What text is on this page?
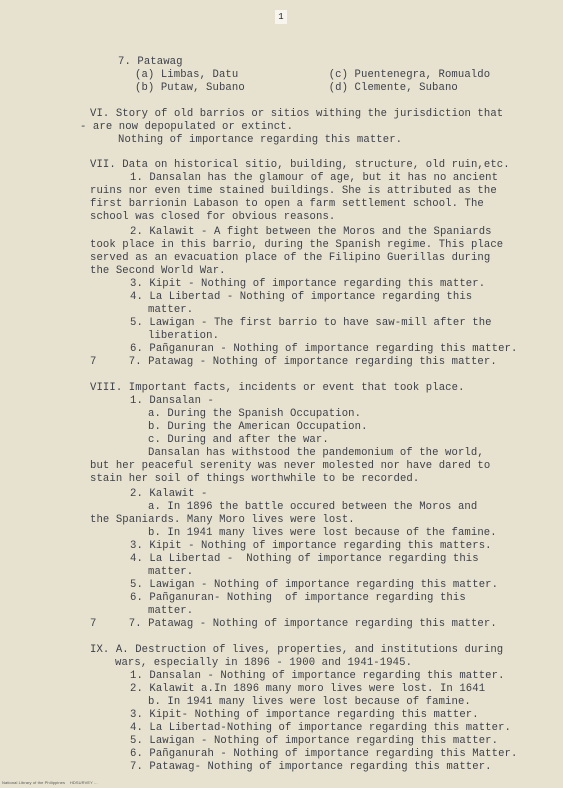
1
7. Patawag
(a) Limbas, Datu              (c) Puentenegra, Romualdo
(b) Putaw, Subano             (d) Clemente, Subano
VI. Story of old barrios or sitios withing the jurisdiction that
- are now depopulated or extinct.
Nothing of importance regarding this matter.
VII. Data on historical sitio, building, structure, old ruin,etc.
1. Dansalan has the glamour of age, but it has no ancient
ruins nor even time stained buildings. She is attributed as the
first barrionin Labason to open a farm settlement school. The
school was closed for obvious reasons.
2. Kalawit - A fight between the Moros and the Spaniards
took place in this barrio, during the Spanish regime. This place
served as an evacuation place of the Filipino Guerillas during
the Second World War.
3. Kipit - Nothing of importance regarding this matter.
4. La Libertad - Nothing of importance regarding this
matter.
5. Lawigan - The first barrio to have saw-mill after the
liberation.
6. Pañganuran - Nothing of importance regarding this matter.
7     7. Patawag - Nothing of importance regarding this matter.
VIII. Important facts, incidents or event that took place.
1. Dansalan -
a. During the Spanish Occupation.
b. During the American Occupation.
c. During and after the war.
Dansalan has withstood the pandemonium of the world,
but her peaceful serenity was never molested nor have dared to
stain her soil of things worthwhile to be recorded.
2. Kalawit -
a. In 1896 the battle occured between the Moros and
the Spaniards. Many Moro lives were lost.
b. In 1941 many lives were lost because of the famine.
3. Kipit - Nothing of importance regarding this matters.
4. La Libertad -  Nothing of importance regarding this
matter.
5. Lawigan - Nothing of importance regarding this matter.
6. Pañganuran- Nothing  of importance regarding this
matter.
7     7. Patawag - Nothing of importance regarding this matter.
IX. A. Destruction of lives, properties, and institutions during
wars, especially in 1896 - 1900 and 1941-1945.
1. Dansalan - Nothing of importance regarding this matter.
2. Kalawit a.In 1896 many moro lives were lost. In 1641
b. In 1941 many lives were lost because of famine.
3. Kipit- Nothing of importance regarding this matter.
4. La Libertad-Nothing of importance regarding this matter.
5. Lawigan - Nothing of importance regarding this matter.
6. Pañganurah - Nothing of importance regarding this Matter.
7. Patawag- Nothing of importance regarding this matter.
National Library of the Philippines    HDSURVEY ...
